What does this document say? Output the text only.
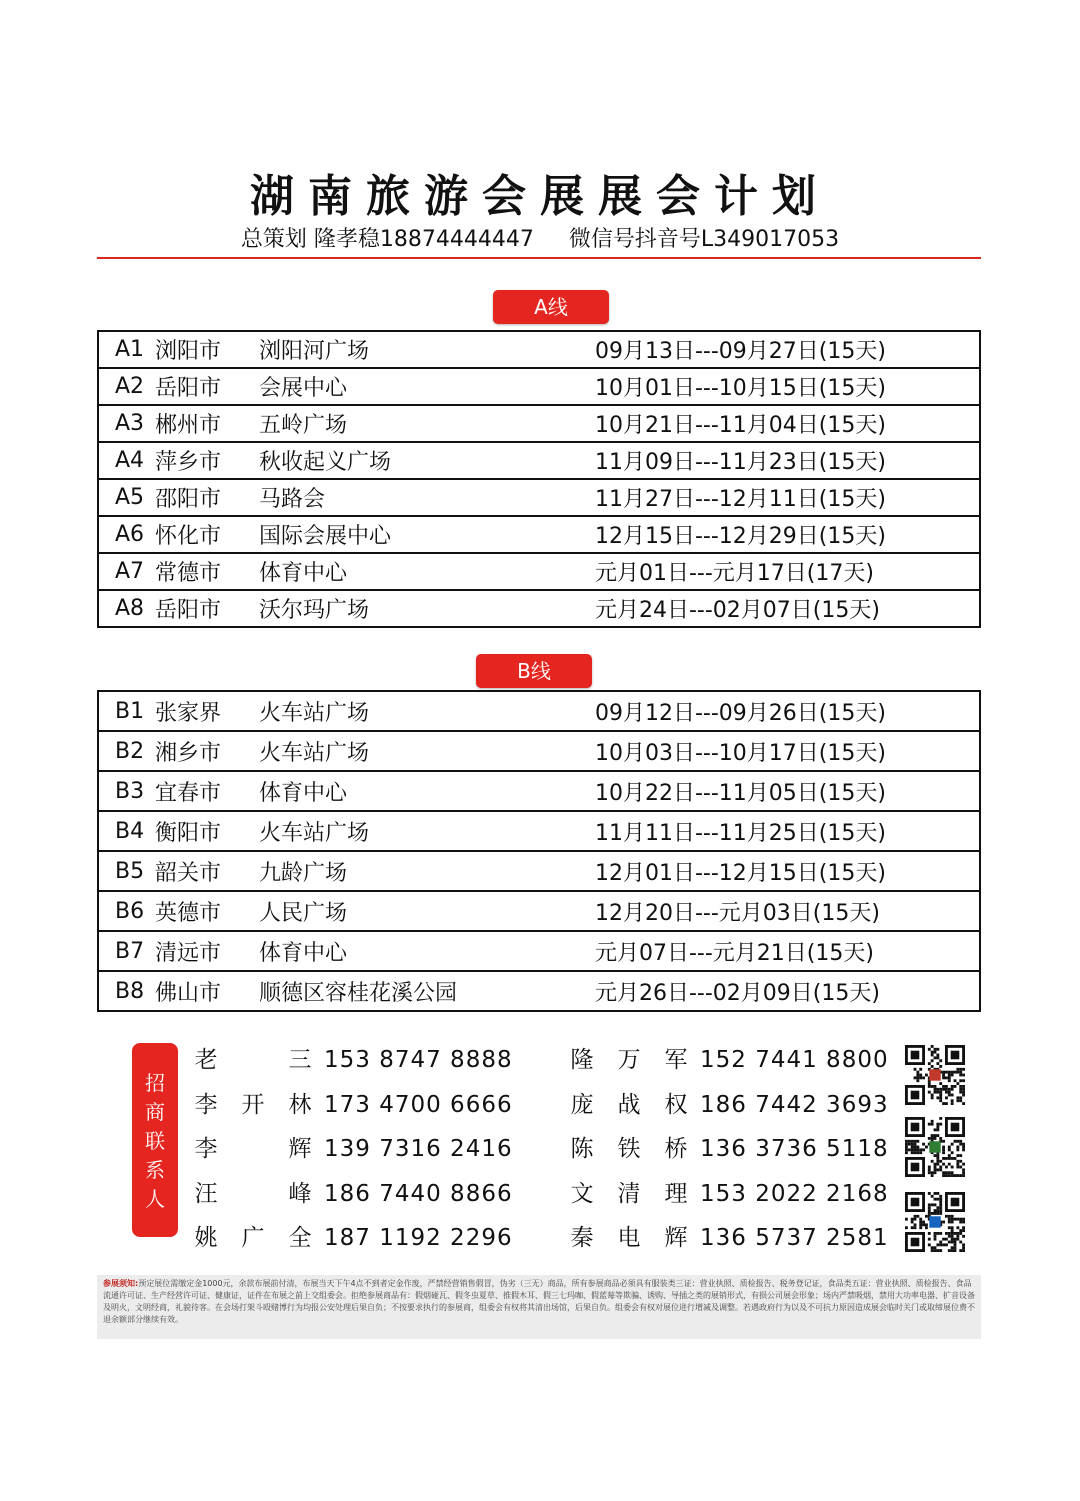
湖南旅游会展展会计划
总策划 隆孝稳18874444447 微信号抖音号L349017053
A线
A1	浏阳市	浏阳河广场	09月13日---09月27日(15天)
A2	岳阳市	会展中心	10月01日---10月15日(15天)
A3	郴州市	五岭广场	10月21日---11月04日(15天)
A4	萍乡市	秋收起义广场	11月09日---11月23日(15天)
A5	邵阳市	马路会	11月27日---12月11日(15天)
A6	怀化市	国际会展中心	12月15日---12月29日(15天)
A7	常德市	体育中心	元月01日---元月17日(17天)
A8	岳阳市	沃尔玛广场	元月24日---02月07日(15天)
B线
B1	张家界	火车站广场	09月12日---09月26日(15天)
B2	湘乡市	火车站广场	10月03日---10月17日(15天)
B3	宜春市	体育中心	10月22日---11月05日(15天)
B4	衡阳市	火车站广场	11月11日---11月25日(15天)
B5	韶关市	九龄广场	12月01日---12月15日(15天)
B6	英德市	人民广场	12月20日---元月03日(15天)
B7	清远市	体育中心	元月07日---元月21日(15天)
B8	佛山市	顺德区容桂花溪公园	元月26日---02月09日(15天)
招
商
联
系
人
老	三 153 8747 8888
李 开 林 173 4700 6666
李	辉 139 7316 2416
汪	峰 186 7440 8866
姚 广 全 187 1192 2296
隆 万 军 152 7441 8800
庞 战 权 186 7442 3693
陈 铁 桥 136 3736 5118
文 清 理 153 2022 2168
秦 电 辉 136 5737 2581
参展须知:预定展位需缴定金1000元，余款布展前付清，布展当天下午4点不到者定金作废，严禁经营销售假冒，伪劣（三无）商品，所有参展商品必须具有服装类三证：营业执照、质检报告、税务登记证，食品类五证：营业执照、质检报告、食品流通许可证、生产经营许可证、健康证，证件在布展之前上交组委会。拒绝参展商品有：假烟碰瓦、假冬虫夏草、推假木耳、假三七玛咖、假蓝莓等欺骗、诱购、导插之类的展销形式，有损公司展会形象；场内严禁吸烟，禁用大功率电器、扩音设备及明火，文明经商，礼貌待客。在会场打架斗殴赌博行为均报公安处理后果自负；不按要求执行的参展商，组委会有权将其清出场馆，后果自负。组委会有权对展位进行增减及调整。若遇政府行为以及不可抗力原因造成展会临时关门或取缔展位费不退余额部分继续有效。
